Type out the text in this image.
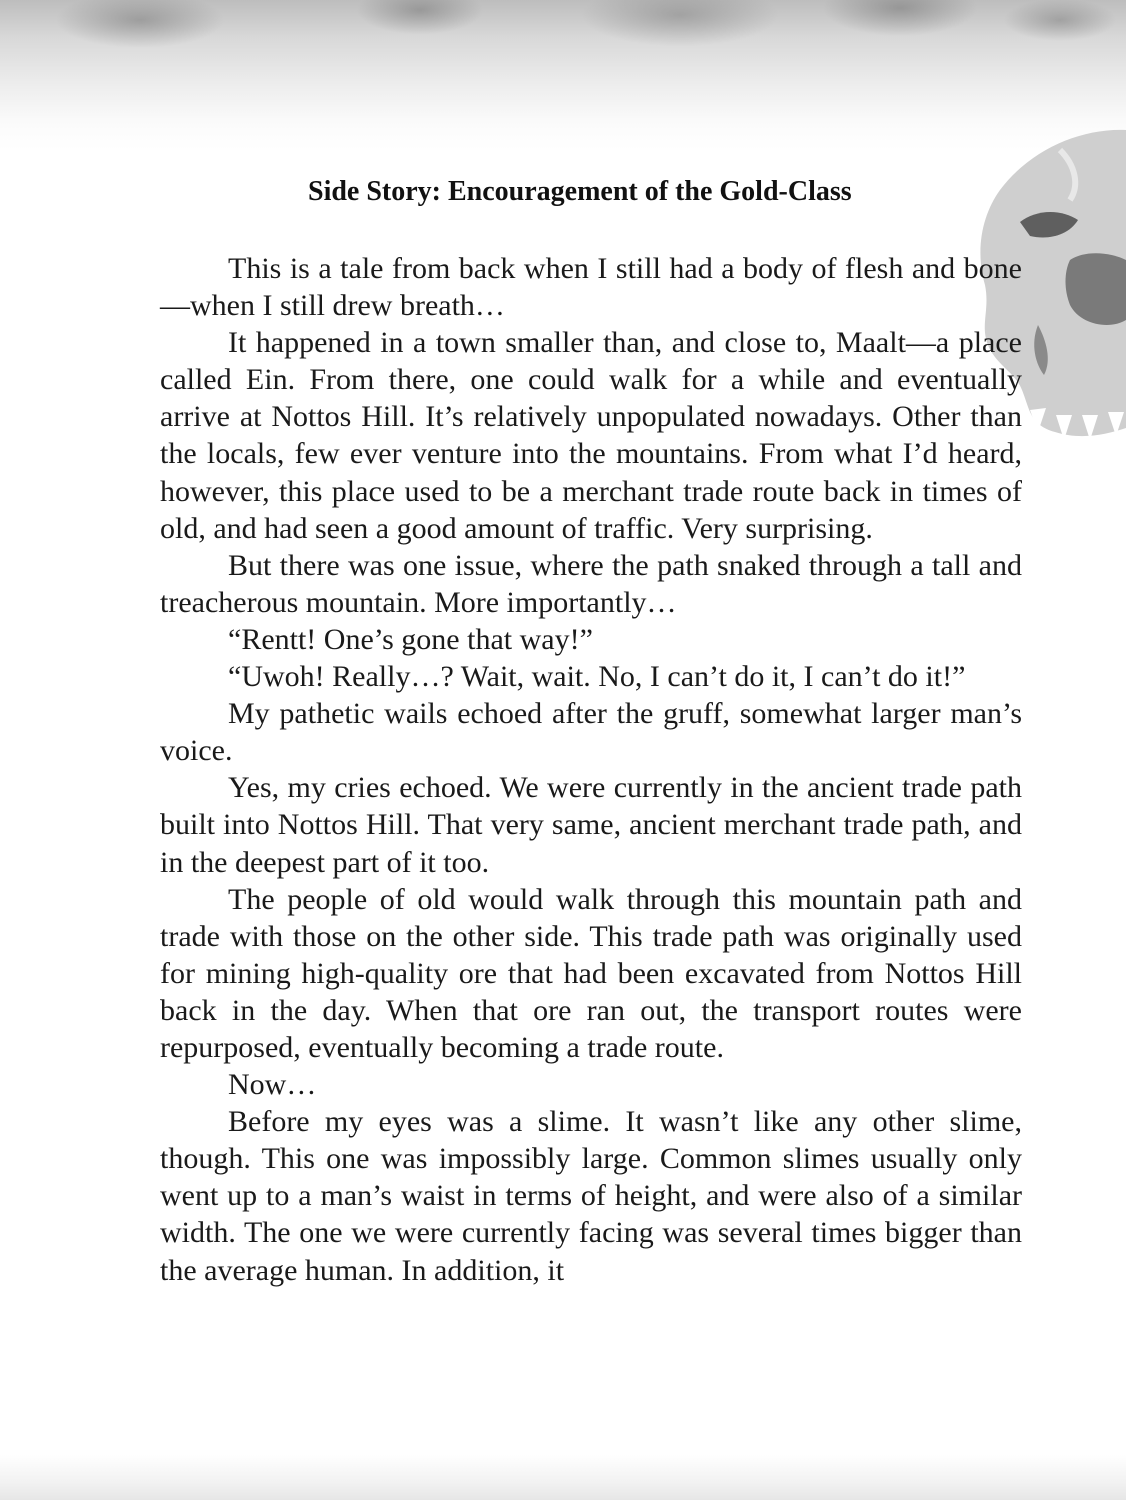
Side Story: Encouragement of the Gold-Class

This is a tale from back when I still had a body of flesh and bone—when I still drew breath…

It happened in a town smaller than, and close to, Maalt—a place called Ein. From there, one could walk for a while and eventually arrive at Nottos Hill. It’s relatively unpopulated nowadays. Other than the locals, few ever venture into the mountains. From what I’d heard, however, this place used to be a merchant trade route back in times of old, and had seen a good amount of traffic. Very surprising.

But there was one issue, where the path snaked through a tall and treacherous mountain. More importantly…

“Rentt! One’s gone that way!”

“Uwoh! Really…? Wait, wait. No, I can’t do it, I can’t do it!”

My pathetic wails echoed after the gruff, somewhat larger man’s voice.

Yes, my cries echoed. We were currently in the ancient trade path built into Nottos Hill. That very same, ancient merchant trade path, and in the deepest part of it too.

The people of old would walk through this mountain path and trade with those on the other side. This trade path was originally used for mining high-quality ore that had been excavated from Nottos Hill back in the day. When that ore ran out, the transport routes were repurposed, eventually becoming a trade route.

Now…

Before my eyes was a slime. It wasn’t like any other slime, though. This one was impossibly large. Common slimes usually only went up to a man’s waist in terms of height, and were also of a similar width. The one we were currently facing was several times bigger than the average human. In addition, it
